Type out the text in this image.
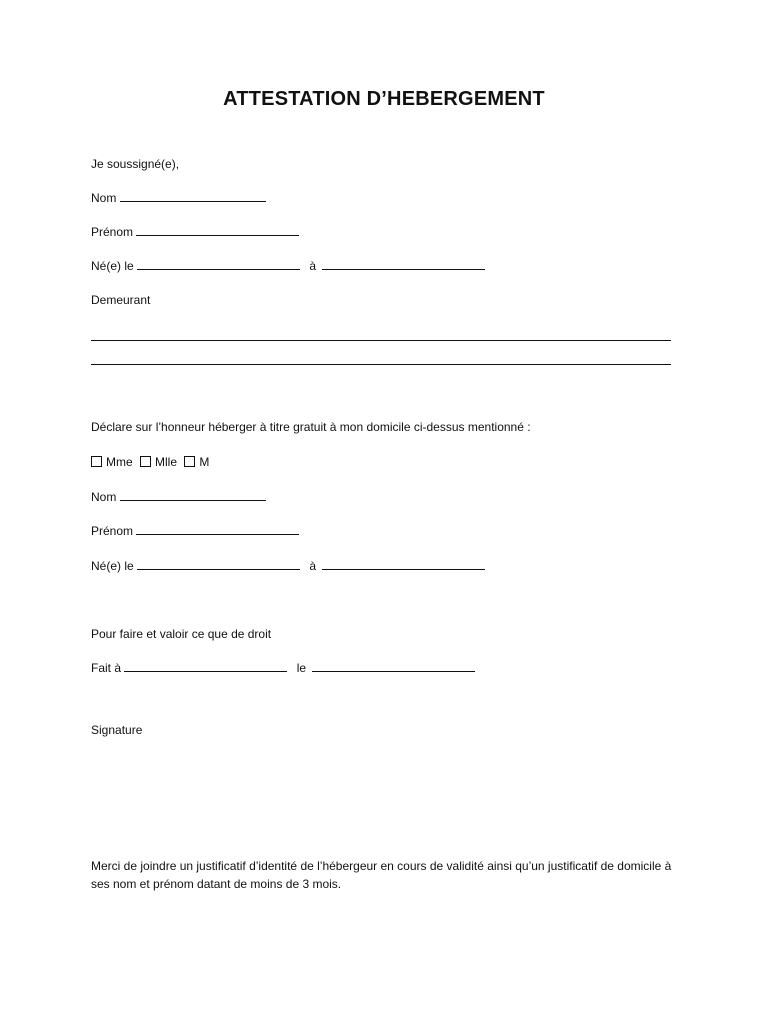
ATTESTATION D’HEBERGEMENT

Je soussigné(e),

Nom

Prénom

Né(e) le	à

Demeurant

Déclare sur l’honneur héberger à titre gratuit à mon domicile ci-dessus mentionné :

Mme Mlle M

Nom

Prénom

Né(e) le	à

Pour faire et valoir ce que de droit

Fait à	le

Signature

Merci de joindre un justificatif d’identité de l’hébergeur en cours de validité ainsi qu’un justificatif de domicile à ses nom et prénom datant de moins de 3 mois.
